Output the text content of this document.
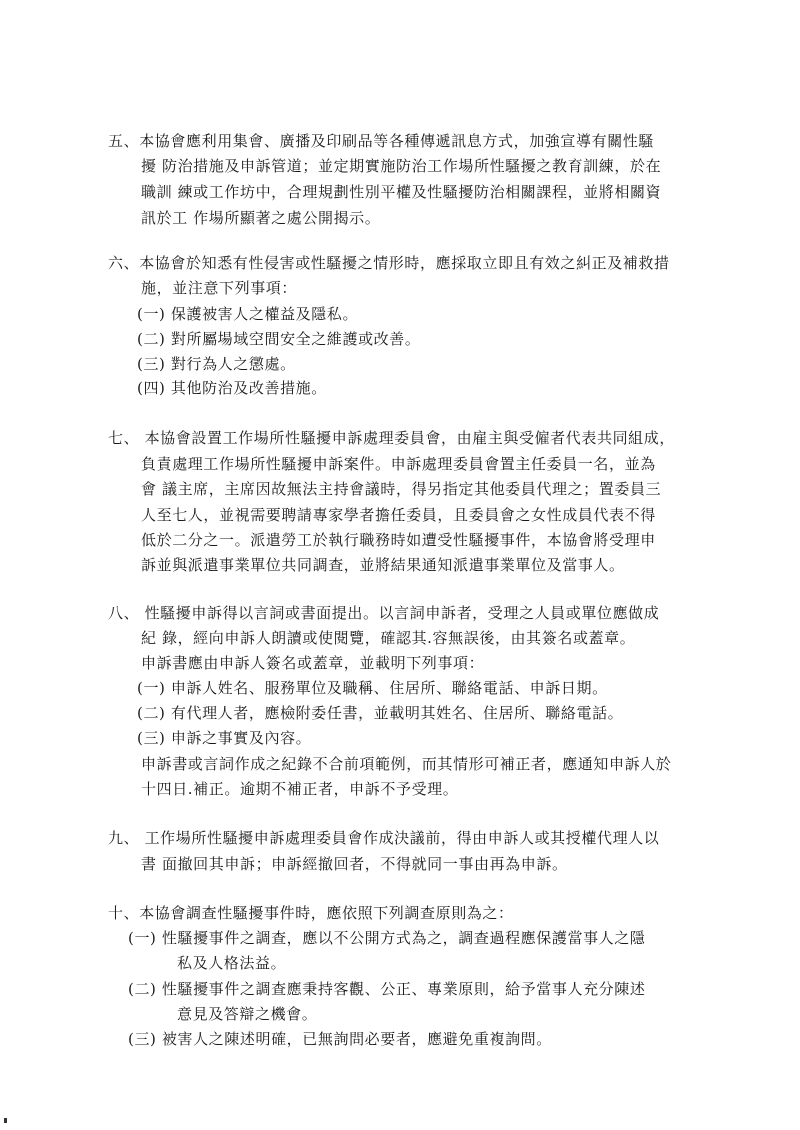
五、本協會應利用集會、廣播及印刷品等各種傳遞訊息方式，加強宣導有關性騷
擾 防治措施及申訴管道；並定期實施防治工作場所性騷擾之教育訓練，於在
職訓 練或工作坊中，合理規劃性別平權及性騷擾防治相關課程，並將相關資
訊於工 作場所顯著之處公開揭示。
六、本協會於知悉有性侵害或性騷擾之情形時，應採取立即且有效之糾正及補救措
施，並注意下列事項：
(一) 保護被害人之權益及隱私。
(二) 對所屬場域空間安全之維護或改善。
(三) 對行為人之懲處。
(四) 其他防治及改善措施。
七、 本協會設置工作場所性騷擾申訴處理委員會，由雇主與受僱者代表共同組成，
負責處理工作場所性騷擾申訴案件。申訴處理委員會置主任委員一名，並為
會 議主席，主席因故無法主持會議時，得另指定其他委員代理之；置委員三
人至七人，並視需要聘請專家學者擔任委員，且委員會之女性成員代表不得
低於二分之一。派遣勞工於執行職務時如遭受性騷擾事件，本協會將受理申
訴並與派遣事業單位共同調查，並將結果通知派遣事業單位及當事人。
八、 性騷擾申訴得以言詞或書面提出。以言詞申訴者，受理之人員或單位應做成
紀 錄，經向申訴人朗讀或使閱覽，確認其.容無誤後，由其簽名或蓋章。
申訴書應由申訴人簽名或蓋章，並載明下列事項：
(一) 申訴人姓名、服務單位及職稱、住居所、聯絡電話、申訴日期。
(二) 有代理人者，應檢附委任書，並載明其姓名、住居所、聯絡電話。
(三) 申訴之事實及內容。
申訴書或言詞作成之紀錄不合前項範例，而其情形可補正者，應通知申訴人於
十四日.補正。逾期不補正者，申訴不予受理。
九、 工作場所性騷擾申訴處理委員會作成決議前，得由申訴人或其授權代理人以
書 面撤回其申訴；申訴經撤回者，不得就同一事由再為申訴。
十、本協會調查性騷擾事件時，應依照下列調查原則為之：
(一) 性騷擾事件之調查，應以不公開方式為之，調查過程應保護當事人之隱
私及人格法益。
(二) 性騷擾事件之調查應秉持客觀、公正、專業原則，給予當事人充分陳述
意見及答辯之機會。
(三) 被害人之陳述明確，已無詢問必要者，應避免重複詢問。
